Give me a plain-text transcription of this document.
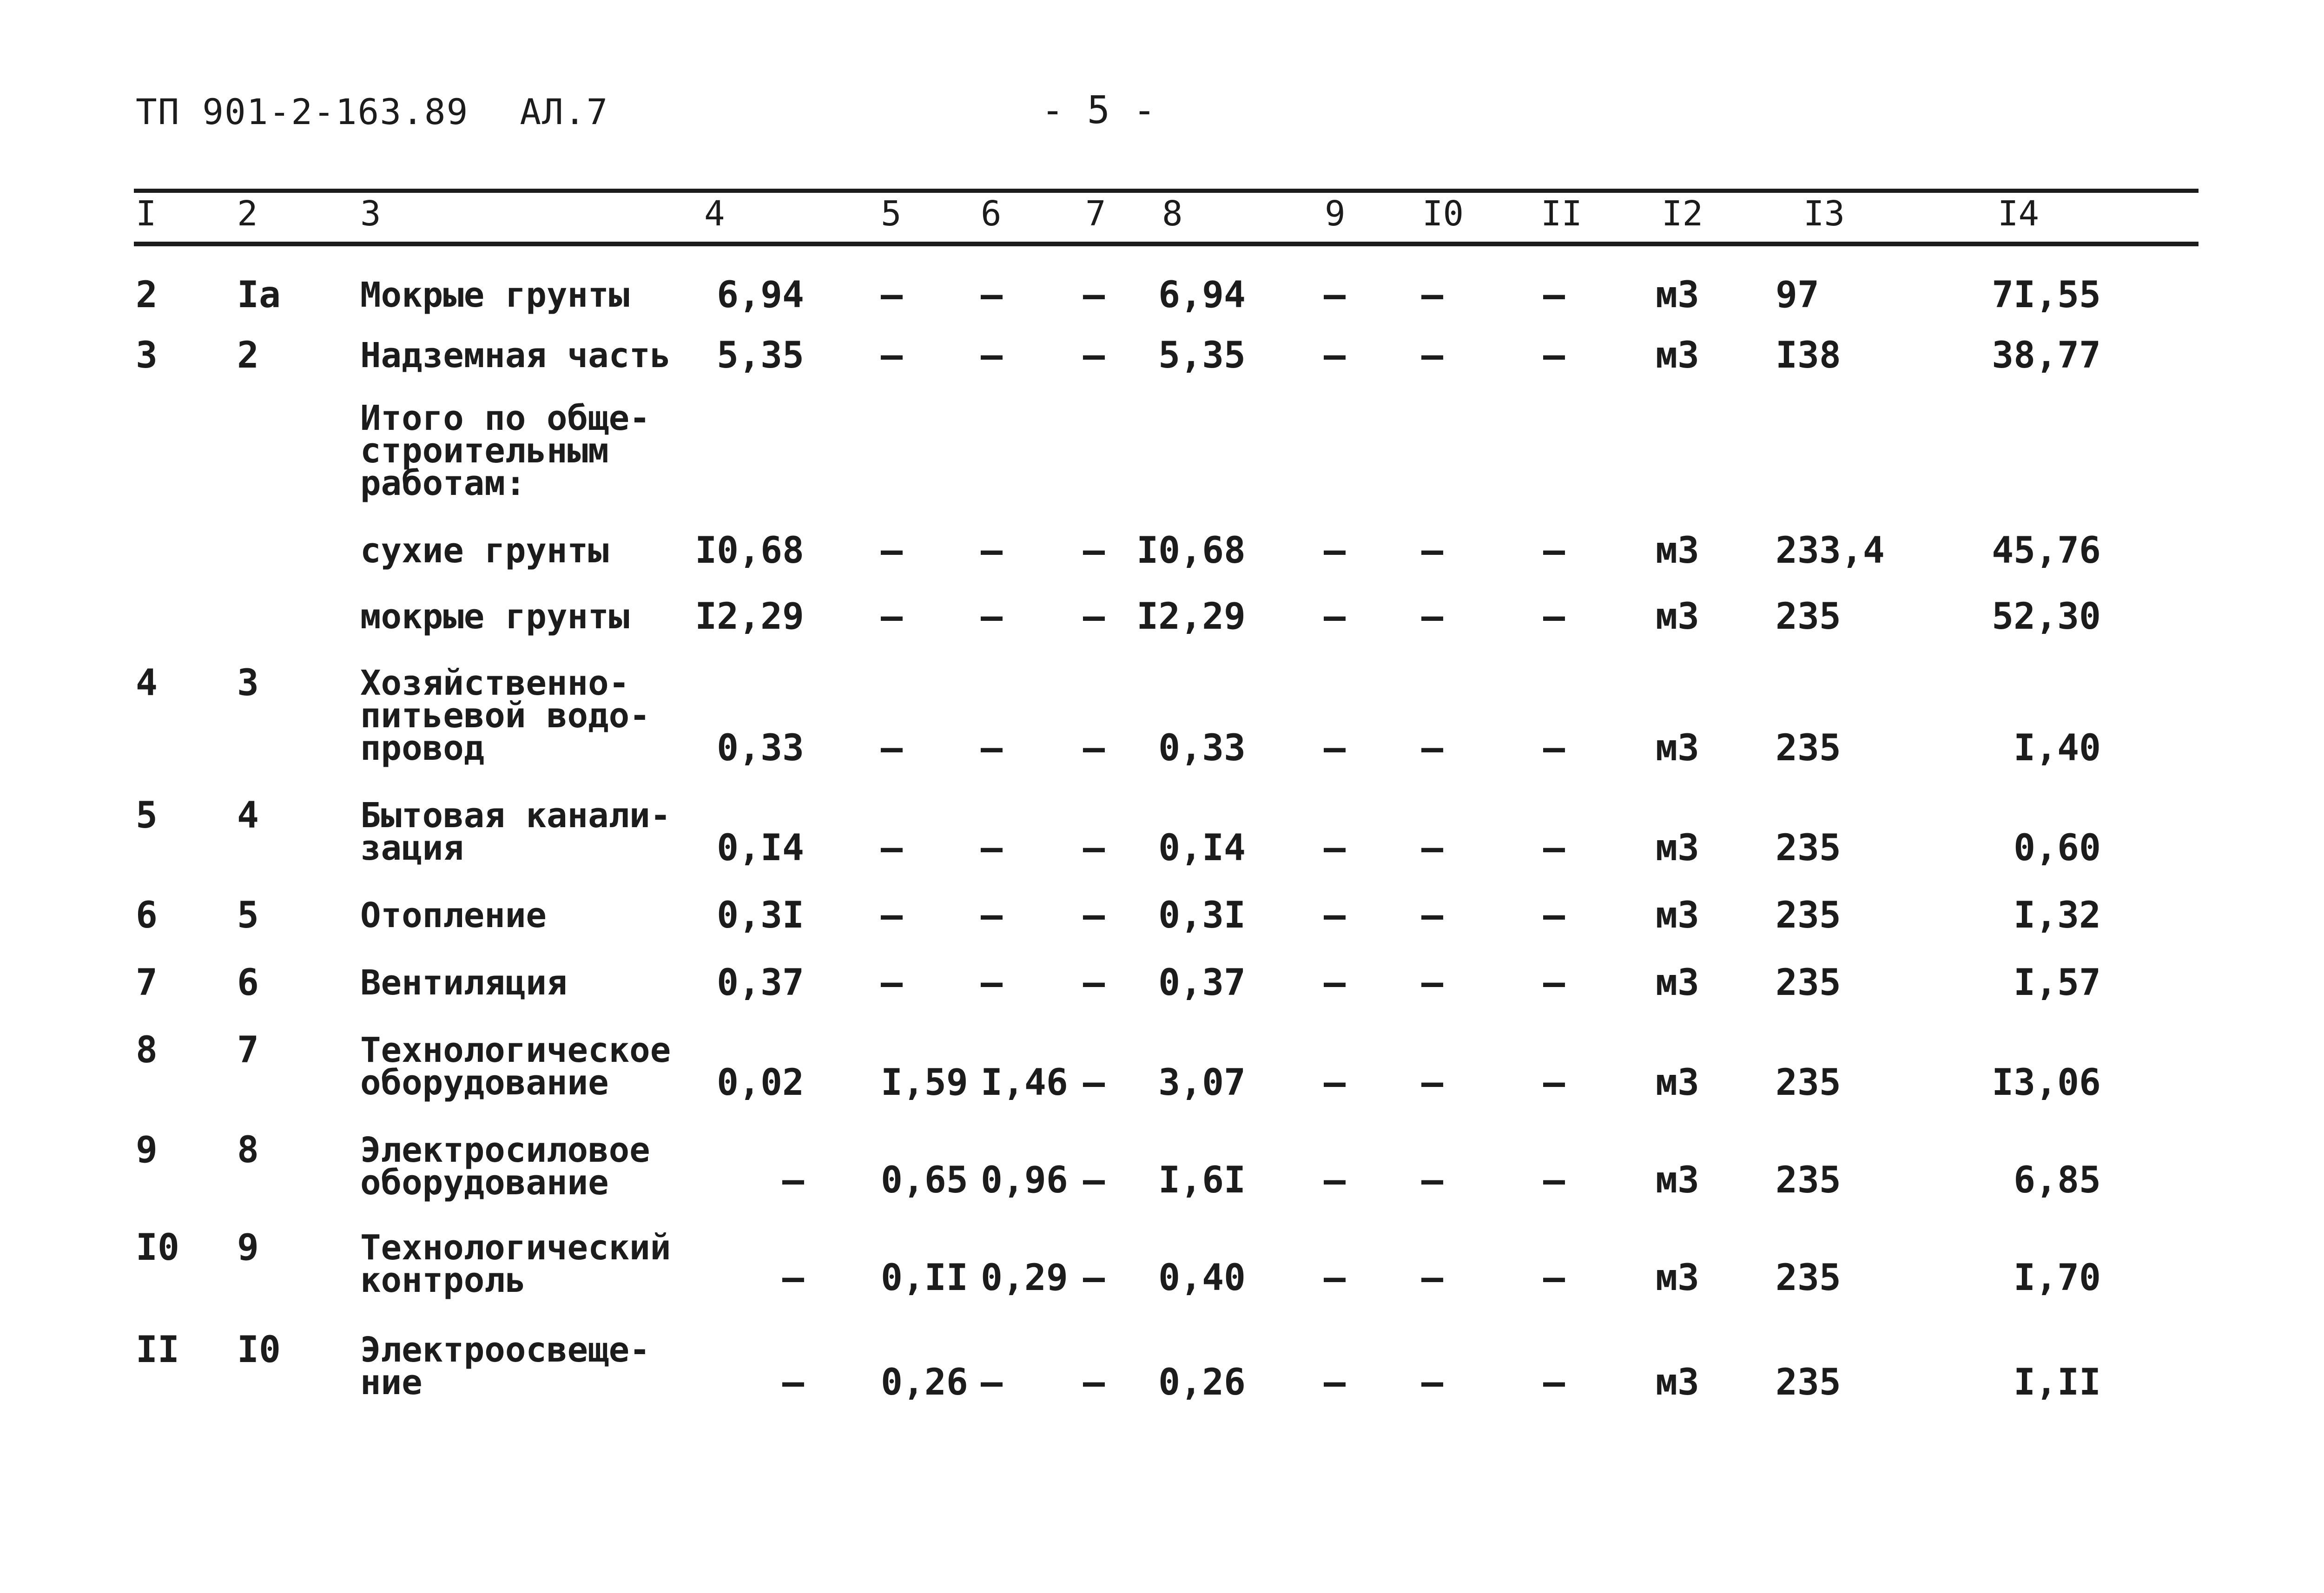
ТП 901-2-163.89 АЛ.7	- 5 -
I 2	3	4	5 6 7 8	9 I0 II I2	I3	I4
2 Iа Мокрые грунты 6,94 – – – 6,94 – –	–	м3 97	7I,55
3 2	Надземная часть 5,35 – – – 5,35 – –	–	м3 I38	38,77
Итого по обще-
строительным
работам:
сухие грунты I0,68 – – – I0,68 – –	–	м3 233,4	45,76
мокрые грунты I2,29 – – – I2,29 – –	–	м3 235	52,30
4 3	Хозяйственно-
питьевой водо-
провод	0,33 – – – 0,33 – –	–	м3 235	I,40
5 4	Бытовая канали-
зация	0,I4 – – – 0,I4 – –	–	м3 235	0,60
6 5	Отопление	0,3I – – – 0,3I – –	–	м3 235	I,32
7 6	Вентиляция	0,37 – – – 0,37 – –	–	м3 235	I,57
8 7	Технологическое
оборудование	0,02 I,59 I,46 – 3,07 – –	–	м3 235	I3,06
9 8	Электросиловое
оборудование	– 0,65 0,96 – I,6I – –	–	м3 235	6,85
I0 9	Технологический
контроль	– 0,II 0,29 – 0,40 – –	–	м3 235	I,70
II I0 Электроосвеще-
ние	– 0,26 – – 0,26 – –	–	м3 235	I,II
